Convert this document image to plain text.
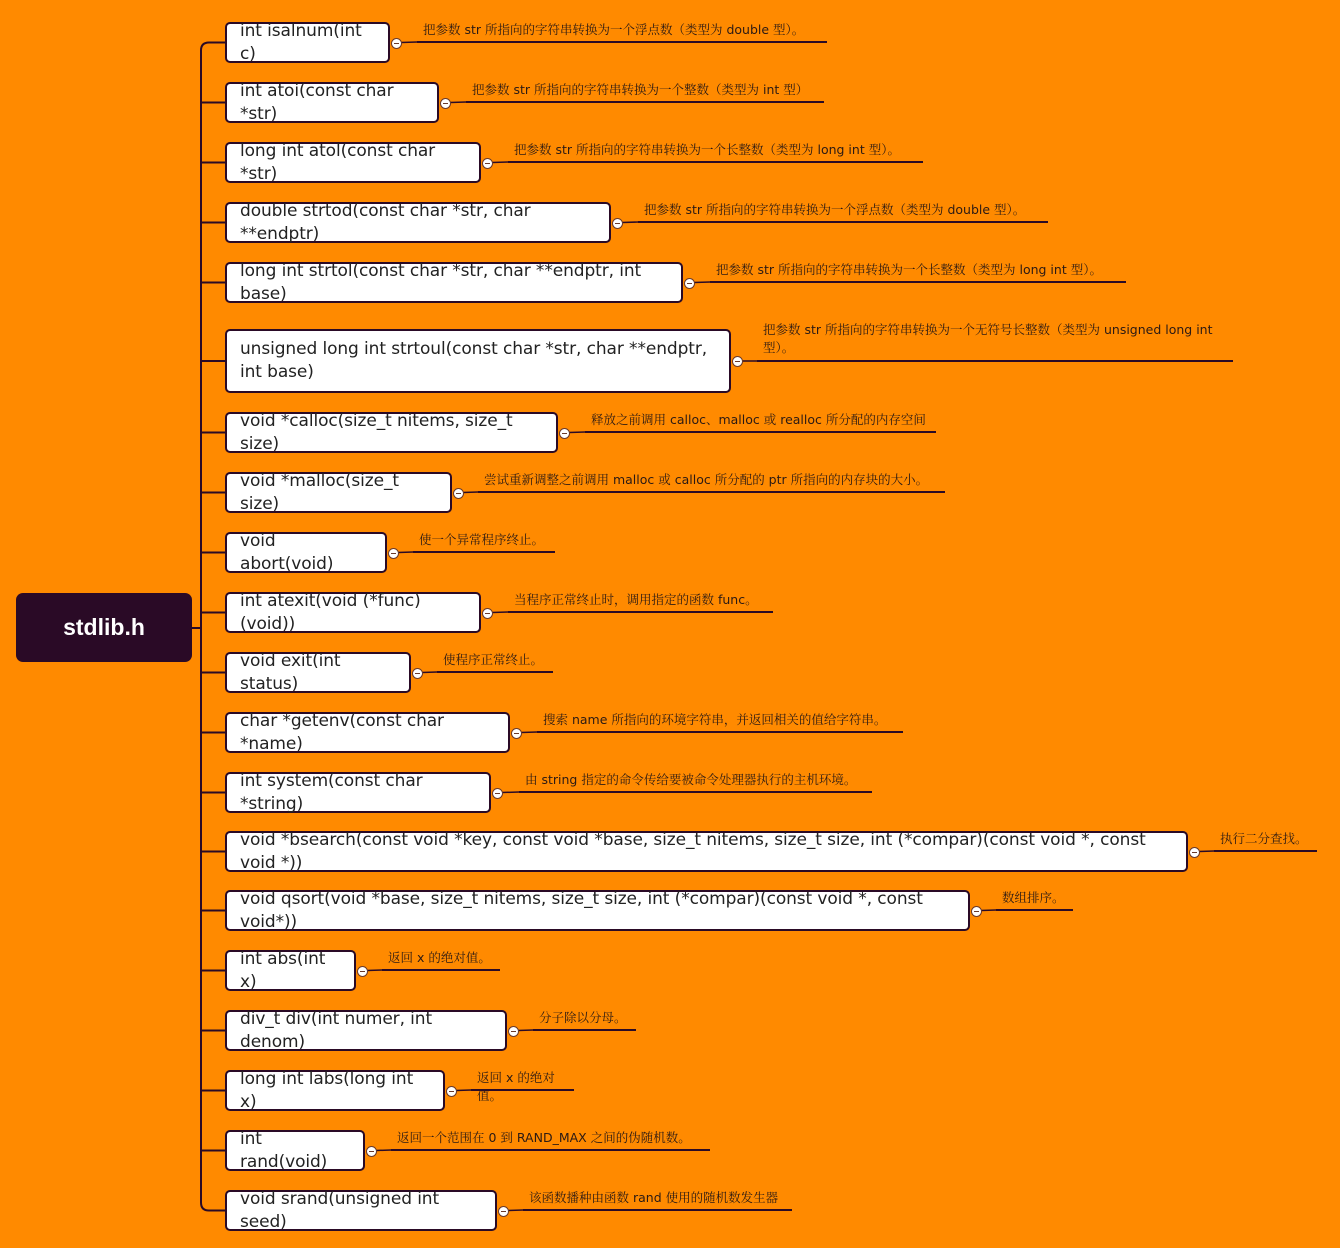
stdlib.h
int isalnum(int c)
把参数 str 所指向的字符串转换为一个浮点数（类型为 double 型）。
int atoi(const char *str)
把参数 str 所指向的字符串转换为一个整数（类型为 int 型）
long int atol(const char *str)
把参数 str 所指向的字符串转换为一个长整数（类型为 long int 型）。
double strtod(const char *str, char **endptr)
把参数 str 所指向的字符串转换为一个浮点数（类型为 double 型）。
long int strtol(const char *str, char **endptr, int base)
把参数 str 所指向的字符串转换为一个长整数（类型为 long int 型）。
unsigned long int strtoul(const char *str, char **endptr, int base)
把参数 str 所指向的字符串转换为一个无符号长整数（类型为 unsigned long int 型）。
void *calloc(size_t nitems, size_t size)
释放之前调用 calloc、malloc 或 realloc 所分配的内存空间
void *malloc(size_t size)
尝试重新调整之前调用 malloc 或 calloc 所分配的 ptr 所指向的内存块的大小。
void abort(void)
使一个异常程序终止。
int atexit(void (*func)(void))
当程序正常终止时，调用指定的函数 func。
void exit(int status)
使程序正常终止。
char *getenv(const char *name)
搜索 name 所指向的环境字符串，并返回相关的值给字符串。
int system(const char *string)
由 string 指定的命令传给要被命令处理器执行的主机环境。
void *bsearch(const void *key, const void *base, size_t nitems, size_t size, int (*compar)(const void *, const void *))
执行二分查找。
void qsort(void *base, size_t nitems, size_t size, int (*compar)(const void *, const void*))
数组排序。
int abs(int x)
返回 x 的绝对值。
div_t div(int numer, int denom)
分子除以分母。
long int labs(long int x)
返回 x 的绝对值。
int rand(void)
返回一个范围在 0 到 RAND_MAX 之间的伪随机数。
void srand(unsigned int seed)
该函数播种由函数 rand 使用的随机数发生器
